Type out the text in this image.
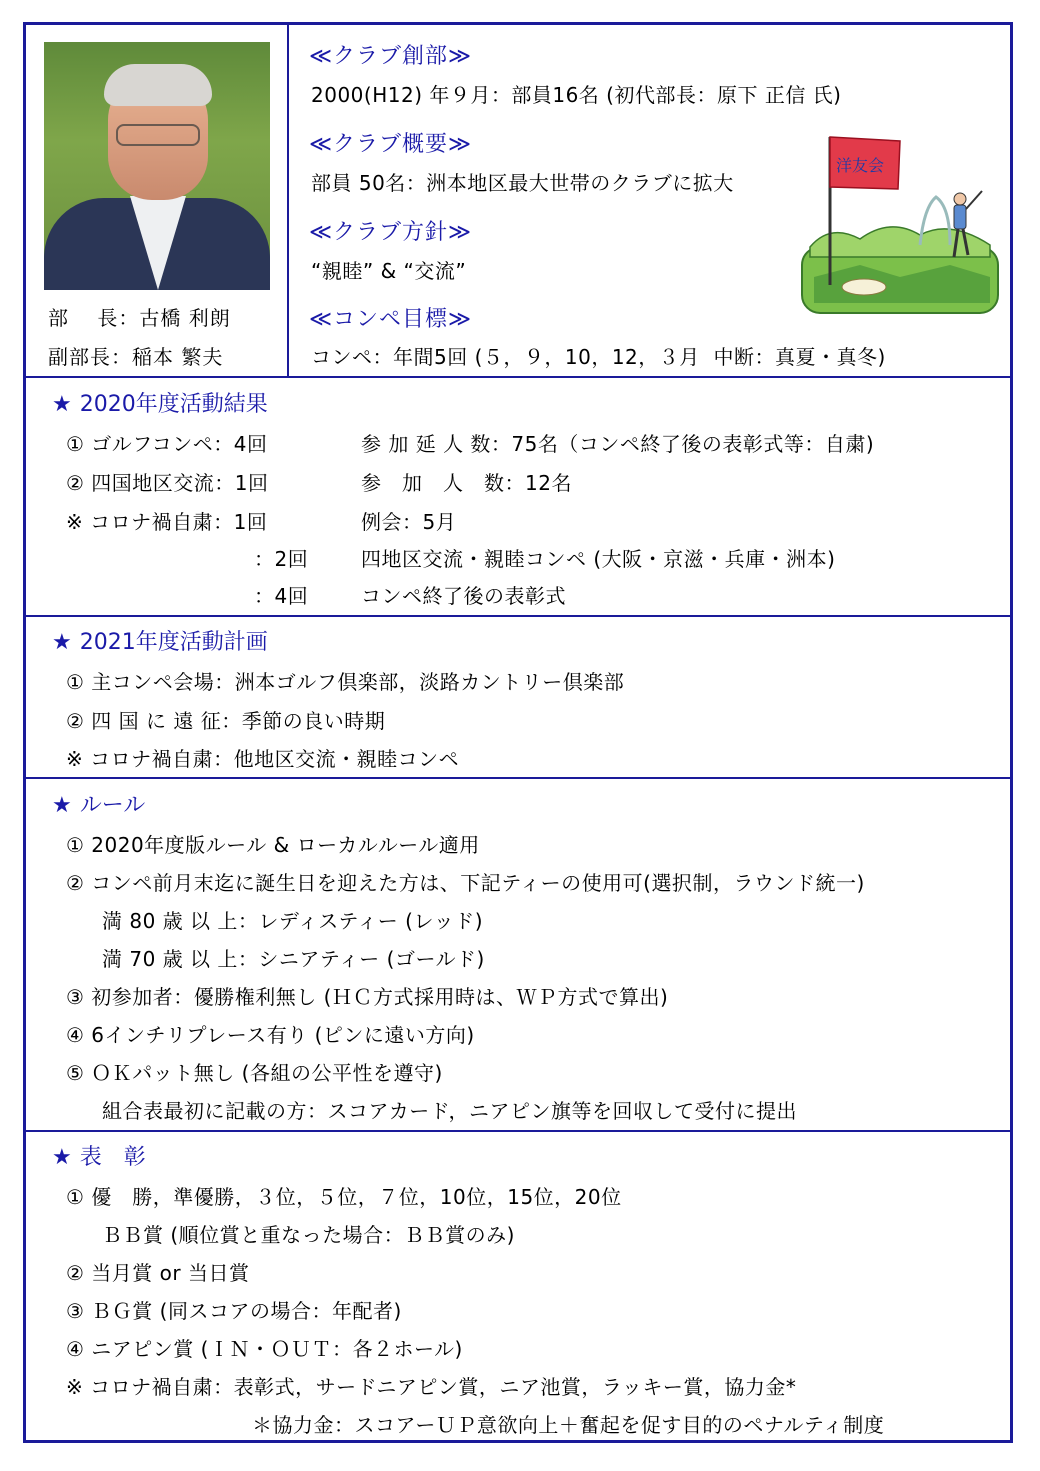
部　 長：古橋 利朗
副部長：稲本 繁夫
≪クラブ創部≫
2000(H12) 年９月：部員16名 (初代部長：原下 正信 氏)
≪クラブ概要≫
部員 50名：洲本地区最大世帯のクラブに拡大
≪クラブ方針≫
“親睦” & “交流”
≪コンペ目標≫
コンペ：年間5回 (５，９，10，12，３月  中断：真夏・真冬)
洋友会
★ 2020年度活動結果
① ゴルフコンペ：4回	参 加 延 人 数：75名（コンペ終了後の表彰式等：自粛)
② 四国地区交流：1回	参　加　人　数：12名
※ コロナ禍自粛：1回	例会：5月
：2回	四地区交流・親睦コンペ (大阪・京滋・兵庫・洲本)
：4回	コンペ終了後の表彰式
★ 2021年度活動計画
① 主コンペ会場：洲本ゴルフ倶楽部，淡路カントリー倶楽部
② 四 国 に 遠 征：季節の良い時期
※ コロナ禍自粛：他地区交流・親睦コンペ
★ ルール
① 2020年度版ルール & ローカルルール適用
② コンペ前月末迄に誕生日を迎えた方は、下記ティーの使用可(選択制，ラウンド統一)
満 80 歳 以 上：レディスティー (レッド)
満 70 歳 以 上：シニアティー (ゴールド)
③ 初参加者：優勝権利無し (ＨＣ方式採用時は、ＷＰ方式で算出)
④ 6インチリプレース有り (ピンに遠い方向)
⑤ ＯＫパット無し (各組の公平性を遵守)
組合表最初に記載の方：スコアカード，ニアピン旗等を回収して受付に提出
★ 表　彰
① 優　勝，準優勝，３位，５位，７位，10位，15位，20位
ＢＢ賞 (順位賞と重なった場合：ＢＢ賞のみ)
② 当月賞 or 当日賞
③ ＢＧ賞 (同スコアの場合：年配者)
④ ニアピン賞 (ＩＮ・ＯＵＴ：各２ホール)
※ コロナ禍自粛：表彰式，サードニアピン賞，ニア池賞，ラッキー賞，協力金*
＊協力金：スコアーＵＰ意欲向上＋奮起を促す目的のペナルティ制度
